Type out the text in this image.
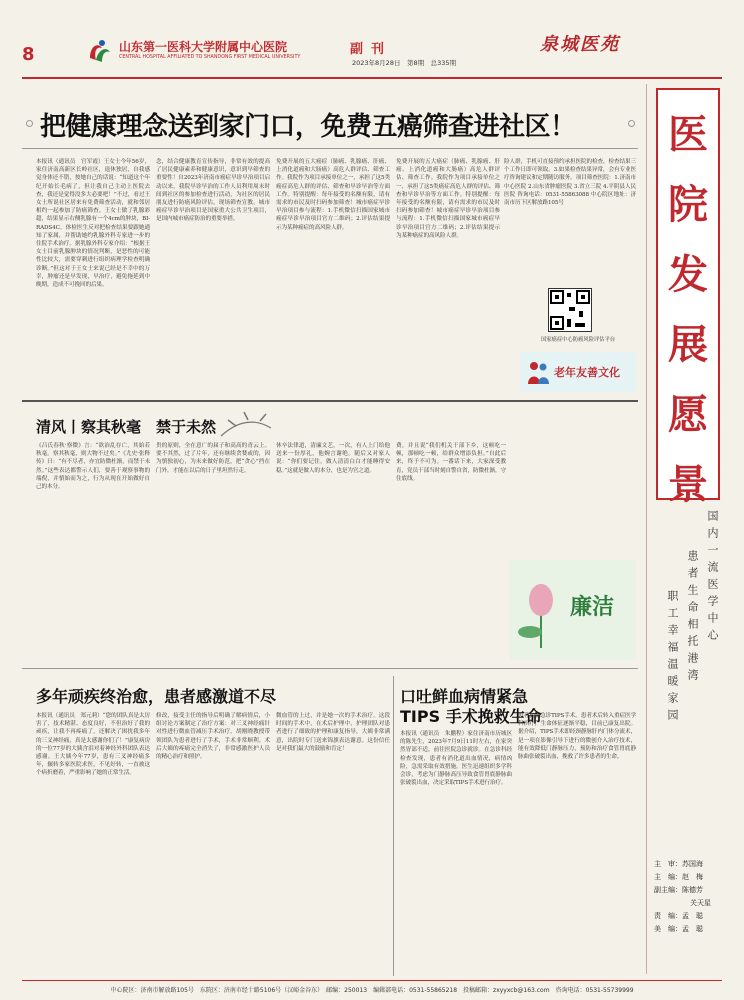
8	山东第一医科大学附属中心医院
CENTRAL HOSPITAL AFFILIATED TO SHANDONG FIRST MEDICAL UNIVERSITY
副刊
2023年8月28日　第8期　总335期
泉城医苑
医
院
发
展
愿
景
国内一流医学中心
患者生命相托港湾
职工幸福温暖家园
主　审：苏国海
主　编：赵　梅
副主编：陈德芳
关天星
责　编：孟　聪
美　编：孟　聪
把健康理念送到家门口，免费五癌筛查进社区！
本报讯（通讯员　官军霞）王女士今年56岁，家住济南高新区长岭社区，退休独居，自我感觉身体还不错，按她自己的话说：“知道这个年纪开始长毛病了，但让我自己主动上医院去查，我还是觉得没多大必要吧！”不过，看过王女士所说社区居来有免费筛查活动，就和邻居相约一起参加了防癌筛查。王女士做了乳腺彩超，结果显示右侧乳腺有一个4cm的肿块，BI-RADS4C。体检医生反对把检查结果要跟她通知了家属，并帮助她约乳腺外科专家进一步的住院手术治疗。据乳腺外科专家介绍：“根据王女士目前乳腺肿块的情况判断，是恶性的可能性比较大，需要穿刺进行组织病理学检查明确诊断。”但这对于王女士来说已经是不幸中的万幸，肿瘤还是早发现，早治疗，避免拖延到中晚期，造成不可挽回的后果。
念，结合健康教育宣传指导，非常有效的提高了居民健康素养和健康意识，意识到早筛查的重要性！自2023年济南市癌症早诊早治项目启动以来，我院早诊早治的工作人员利用周末时间到社区的参加检查进行活动，为社区的居民朋友进行防癌风险评估，现场筛查宣教。城市癌症早诊早治项目是国家重大公共卫生项目，是国内城市癌症防治的重要举措。
免费开展的五大癌症（肺癌、乳腺癌、肝癌、上消化道癌和大肠癌）高危人群评估、筛查工作。我院作为项目承接单位之一，承担了这5类癌症高危人群的评估、筛查和早诊早治等方面工作。特别提醒：每年接受的名额有限，请有需求的市民及时扫码参加筛查！城市癌症早诊早治项目参与流程：1.手机微信扫描国家城市癌症早诊早治项目官方二维码；2.评估结果提示为某种癌症的高风险人群。
免费开展的五大癌症（肺癌、乳腺癌、肝癌、上消化道癌和大肠癌）高危人群评估、筛查工作。我院作为项目承接单位之一，承担了这5类癌症高危人群的评估、筛查和早诊早治等方面工作。特别提醒：每年接受的名额有限，请有需求的市民及时扫码参加筛查！城市癌症早诊早治项目参与流程：1.手机微信扫描国家城市癌症早诊早治项目官方二维码；2.评估结果提示为某种癌症的高风险人群。
险人群，手机可直接预约承担医院的检查，检查结果三个工作日即可领取。3.如果检查结果异常，会有专业医疗咨询建议和定期随访服务。项目筛查医院：1.济南市中心医院 2.山东省肿瘤医院 3.省立三院 4.平阴县人民医院 咨询电话：0531-55863088 中心院区地址：济南市历下区解放路105号
国家癌症中心防癌风险评估平台
老年友善文化
清风丨察其秋毫　禁于未然
《吕氏春秋·察微》言：“欲治乱存亡，其始若秋毫。察其秋毫，则大物不过矣。”《尤史·张释传》曰：“有不尽者，亦宜防微杜渐，而禁于未然。”这些表达都警示人们，要善于观察事物的端倪，并慎始而为之，行为从现在开始做好自己的本分。
贵的原则，全在意广的届子和高高的青云上。要不其然，过了片年，还有继续贪婪或的，因为慎独初心，为未来做好防范，把“贪心”挡在门外，才能在以后的日子里坦然行走。
休卒法律道，清廉文艺，一次，有人上门给他送来一份厚礼，他婉言谢绝。随后又对家人说：“你们要记住，做人清清白白才能睡得安稳。”这就是做人的本分，也是为官之道。
费，并且说“我们机关干部下乡，这顿吃一顿，那顿吃一顿，给群众增添负担。”自此后来，终于不可为。一番话下来，大家深受教育，党员干部当时刻自警自省，防微杜渐，守住底线。
廉洁
多年顽疾终治愈，患者感激道不尽
本报讯（通讯员　郑元莉）“您的团队真是太厉害了，技术精湛、态度良好，不但治好了我的顽疾，让我不再疼痛了，还解决了困扰我多年的三叉神经痛，真是太感谢你们了！”康复病房的一位77岁的大姨含泪对着神经外科团队表达感谢。王大姨今年77岁，患有三叉神经痛多年，辗转多家医院求医，不见好转，一直被这个病折磨着，严重影响了她的正常生活。
修改，接受主任的指导后明确了解病情后，小组讨论方案制定了治疗方案：对三叉神经痛针对性进行微血管减压手术治疗。胡刚晓教授带领团队为患者进行了手术，手术非常顺利。术后大姨的疼痛完全消失了，非常感激医护人员的精心治疗和照护。
微血管的上过，并是她一次的手术治疗，这段时间的手术中，在术后护理中，护理团队对患者进行了细致的护理和康复指导，大姨非常满意，出院时专门送来锦旗表达谢意。这份信任是对我们最大的鼓励和肯定！
口吐鲜血病情紧急
TIPS 手术挽救生命
本报讯（通讯员　朱鹏程）家住济南市历城区的陈先生，2023年7月9日11时左右，在家突然胃部不适，前往医院急诊就诊。在急诊科经检查发现，患者有消化道出血情况，病情凶险，急需采取有效措施。医生迅速组织多学科会诊，考虑为门静脉高压导致食管胃底静脉曲张破裂出血，决定采取TIPS手术进行治疗。
患者实施急诊TIPS手术。患者术后转入重症医学科治疗，生命体征逐渐平稳，目前已康复出院。据介绍，TIPS手术即经颈静脉肝内门体分流术，是一项在影像引导下进行的微创介入治疗技术，能有效降低门静脉压力，预防和治疗食管胃底静脉曲张破裂出血，挽救了许多患者的生命。
中心院区：济南市解放路105号　东院区：济南市经十路5106号（汉峪金谷东）　邮编：250013　编辑部电话：0531-55865218　投稿邮箱：zxyyxcb@163.com　咨询电话：0531-55739999
